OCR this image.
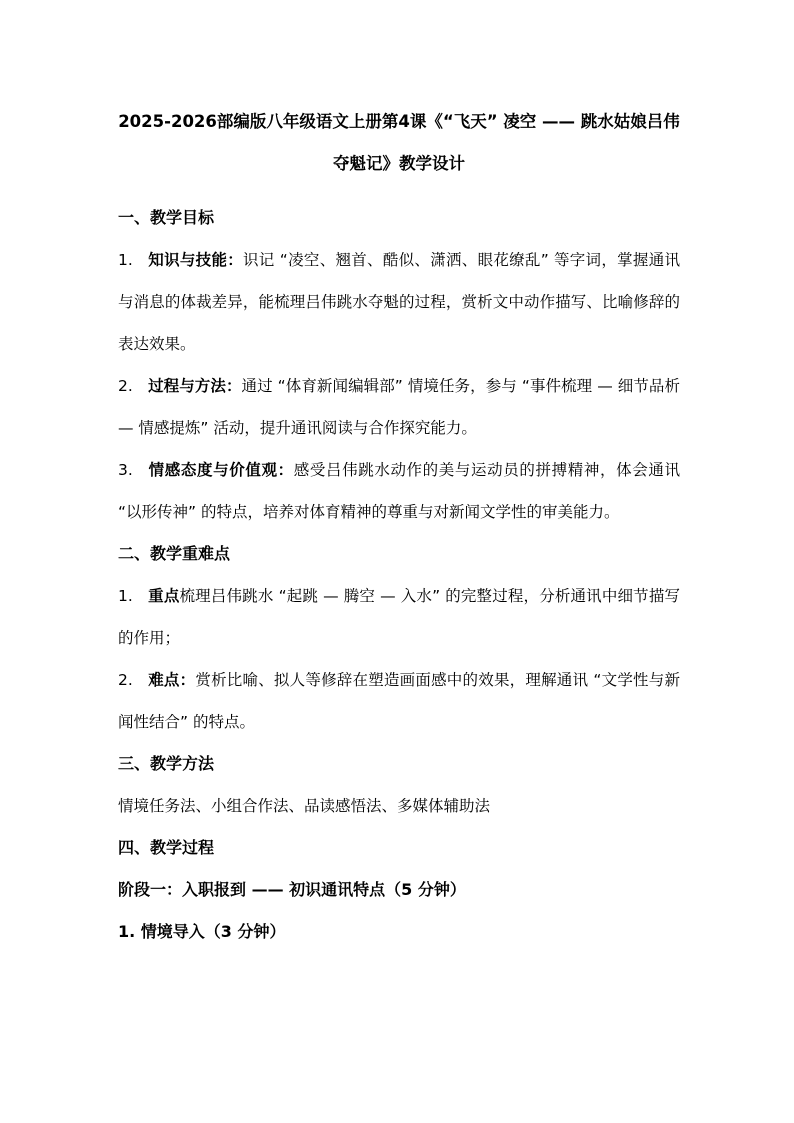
2025-2026部编版八年级语文上册第4课《“飞天” 凌空 —— 跳水姑娘吕伟夺魁记》教学设计
一、教学目标
1. 知识与技能：识记 “凌空、翘首、酷似、潇洒、眼花缭乱” 等字词，掌握通讯与消息的体裁差异，能梳理吕伟跳水夺魁的过程，赏析文中动作描写、比喻修辞的表达效果。
2. 过程与方法：通过 “体育新闻编辑部” 情境任务，参与 “事件梳理 — 细节品析 — 情感提炼” 活动，提升通讯阅读与合作探究能力。
3. 情感态度与价值观：感受吕伟跳水动作的美与运动员的拼搏精神，体会通讯 “以形传神” 的特点，培养对体育精神的尊重与对新闻文学性的审美能力。
二、教学重难点
1. 重点梳理吕伟跳水 “起跳 — 腾空 — 入水” 的完整过程，分析通讯中细节描写的作用；
2. 难点：赏析比喻、拟人等修辞在塑造画面感中的效果，理解通讯 “文学性与新闻性结合” 的特点。
三、教学方法
情境任务法、小组合作法、品读感悟法、多媒体辅助法
四、教学过程
阶段一：入职报到 —— 初识通讯特点（5 分钟）
1. 情境导入（3 分钟）
